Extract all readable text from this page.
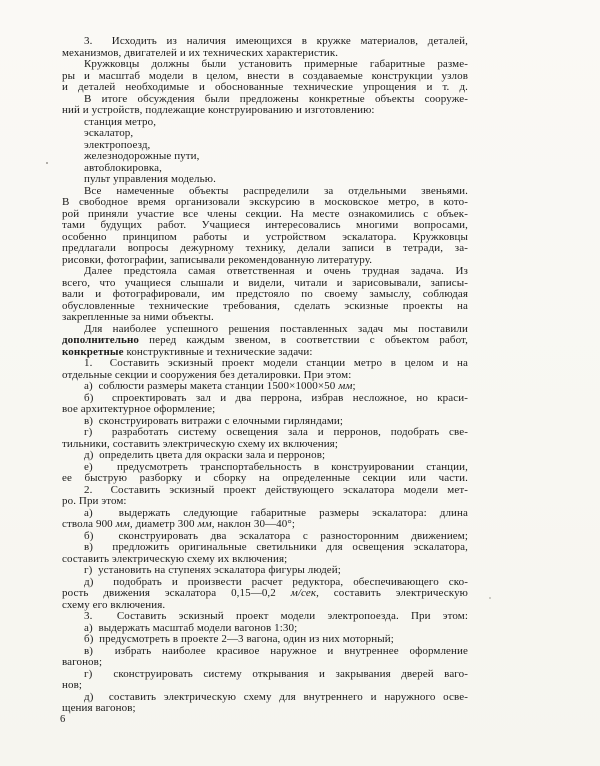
3.  Исходить из наличия имеющихся в кружке материалов, деталей,
механизмов, двигателей и их технических характеристик.
Кружковцы должны были установить примерные габаритные разме-
ры и масштаб модели в целом, внести в создаваемые конструкции узлов
и деталей необходимые и обоснованные технические упрощения и т. д.
В итоге обсуждения были предложены конкретные объекты сооруже-
ний и устройств, подлежащие конструированию и изготовлению:
станция метро,
эскалатор,
электропоезд,
железнодорожные пути,
автоблокировка,
пульт управления моделью.
Все намеченные объекты распределили за отдельными звеньями.
В свободное время организовали экскурсию в московское метро, в кото-
рой приняли участие все члены секции. На месте ознакомились с объек-
тами будущих работ. Учащиеся интересовались многими вопросами,
особенно принципом работы и устройством эскалатора. Кружковцы
предлагали вопросы дежурному технику, делали записи в тетради, за-
рисовки, фотографии, записывали рекомендованную литературу.
Далее предстояла самая ответственная и очень трудная задача. Из
всего, что учащиеся слышали и видели, читали и зарисовывали, записы-
вали и фотографировали, им предстояло по своему замыслу, соблюдая
обусловленные технические требования, сделать эскизные проекты на
закрепленные за ними объекты.
Для наиболее успешного решения поставленных задач мы поставили
дополнительно перед каждым звеном, в соответствии с объектом работ,
конкретные конструктивные и технические задачи:
1.  Составить эскизный проект модели станции метро в целом и на
отдельные секции и сооружения без деталировки. При этом:
а)  соблюсти размеры макета станции 1500×1000×50 мм;
б)  спроектировать зал и два перрона, избрав несложное, но краси-
вое архитектурное оформление;
в)  сконструировать витражи с елочными гирляндами;
г)  разработать систему освещения зала и перронов, подобрать све-
тильники, составить электрическую схему их включения;
д)  определить цвета для окраски зала и перронов;
е)  предусмотреть транспортабельность в конструировании станции,
ее быструю разборку и сборку на определенные секции или части.
2.  Составить эскизный проект действующего эскалатора модели мет-
ро. При этом:
а)  выдержать следующие габаритные размеры эскалатора: длина
ствола 900 мм, диаметр 300 мм, наклон 30—40°;
б)  сконструировать два эскалатора с разносторонним движением;
в)  предложить оригинальные светильники для освещения эскалатора,
составить электрическую схему их включения;
г)  установить на ступенях эскалатора фигуры людей;
д)  подобрать и произвести расчет редуктора, обеспечивающего ско-
рость движения эскалатора 0,15—0,2 м/сек, составить электрическую
схему его включения.
3.  Составить эскизный проект модели электропоезда. При этом:
а)  выдержать масштаб модели вагонов 1:30;
б)  предусмотреть в проекте 2—3 вагона, один из них моторный;
в)  избрать наиболее красивое наружное и внутреннее оформление
вагонов;
г)  сконструировать систему открывания и закрывания дверей ваго-
нов;
д)  составить электрическую схему для внутреннего и наружного осве-
щения вагонов;
6
